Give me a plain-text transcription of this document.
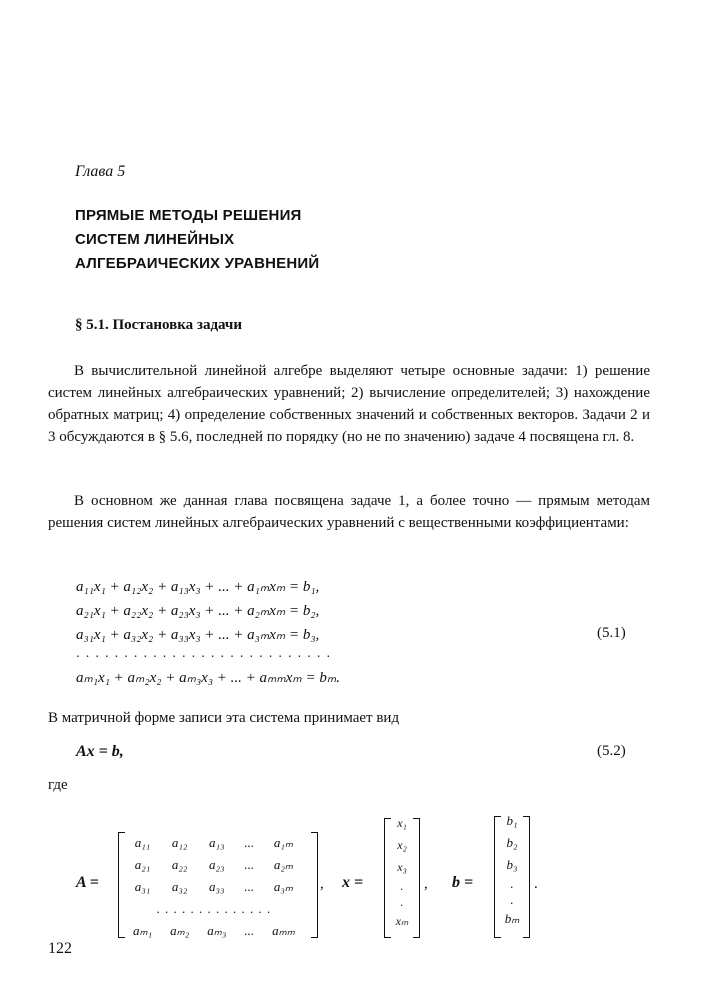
Глава 5
ПРЯМЫЕ МЕТОДЫ РЕШЕНИЯ
СИСТЕМ ЛИНЕЙНЫХ
АЛГЕБРАИЧЕСКИХ УРАВНЕНИЙ
§ 5.1. Постановка задачи

В вычислительной линейной алгебре выделяют четыре основные задачи: 1) решение систем линейных алгебраических уравнений; 2) вычисление определителей; 3) нахождение обратных матриц; 4) определение собственных значений и собственных векторов. Задачи 2 и 3 обсуждаются в § 5.6, последней по порядку (но не по значению) задаче 4 посвящена гл. 8.

В основном же данная глава посвящена задаче 1, а более точно — прямым методам решения систем линейных алгебраических уравнений с вещественными коэффициентами:

a₁₁x₁ + a₁₂x₂ + a₁₃x₃ + ... + a₁ₘxₘ = b₁,
a₂₁x₁ + a₂₂x₂ + a₂₃x₃ + ... + a₂ₘxₘ = b₂,
a₃₁x₁ + a₃₂x₂ + a₃₃x₃ + ... + a₃ₘxₘ = b₃,
. . . . . . . . . . . . . . . . . . . . . . . . . . .
aₘ₁x₁ + aₘ₂x₂ + aₘ₃x₃ + ... + aₘₘxₘ = bₘ.
(5.1)
В матричной форме записи эта система принимает вид
Ax = b,	(5.2)
где
A =
a₁₁	a₁₂	a₁₃	...	a₁ₘ
a₂₁	a₂₂	a₂₃	...	a₂ₘ
a₃₁	a₃₂	a₃₃	...	a₃ₘ
. . . . . . . . . . . . . .				
aₘ₁	aₘ₂	aₘ₃	...	aₘₘ
, x =
x₁
x₂
x₃
.
.
xₘ
, b =
b₁
b₂
b₃
.
.
bₘ
.
122
